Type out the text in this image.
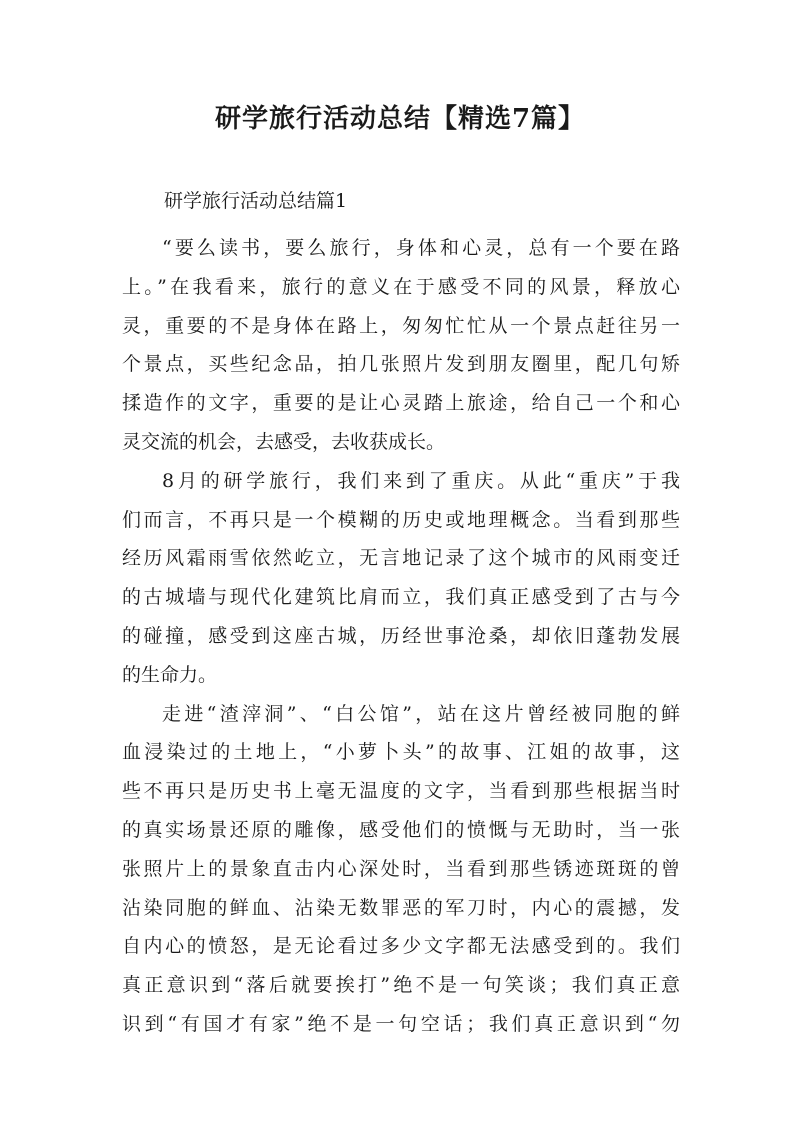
研学旅行活动总结【精选7篇】
研学旅行活动总结篇1
“要么读书，要么旅行，身体和心灵，总有一个要在路
上。”在我看来，旅行的意义在于感受不同的风景，释放心
灵，重要的不是身体在路上，匆匆忙忙从一个景点赶往另一
个景点，买些纪念品，拍几张照片发到朋友圈里，配几句矫
揉造作的文字，重要的是让心灵踏上旅途，给自己一个和心
灵交流的机会，去感受，去收获成长。
8月的研学旅行，我们来到了重庆。从此“重庆”于我
们而言，不再只是一个模糊的历史或地理概念。当看到那些
经历风霜雨雪依然屹立，无言地记录了这个城市的风雨变迁
的古城墙与现代化建筑比肩而立，我们真正感受到了古与今
的碰撞，感受到这座古城，历经世事沧桑，却依旧蓬勃发展
的生命力。
走进“渣滓洞”、“白公馆”，站在这片曾经被同胞的鲜
血浸染过的土地上，“小萝卜头”的故事、江姐的故事，这
些不再只是历史书上毫无温度的文字，当看到那些根据当时
的真实场景还原的雕像，感受他们的愤慨与无助时，当一张
张照片上的景象直击内心深处时，当看到那些锈迹斑斑的曾
沾染同胞的鲜血、沾染无数罪恶的军刀时，内心的震撼，发
自内心的愤怒，是无论看过多少文字都无法感受到的。我们
真正意识到“落后就要挨打”绝不是一句笑谈；我们真正意
识到“有国才有家”绝不是一句空话；我们真正意识到“勿
